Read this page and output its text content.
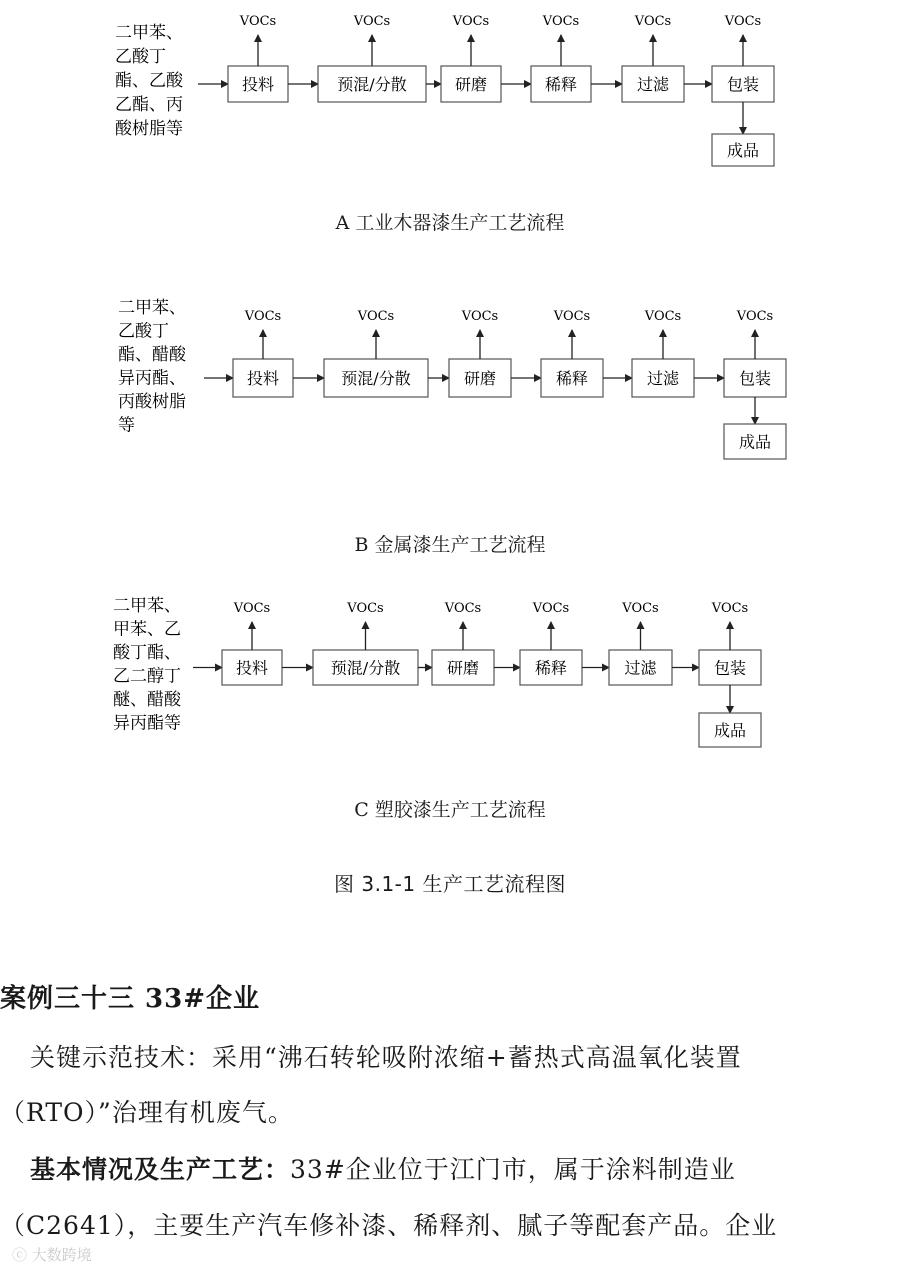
二甲苯、
乙酸丁
酯、乙酸
乙酯、丙
酸树脂等
投料
VOCs
预混/分散
VOCs
研磨
VOCs
稀释
VOCs
过滤
VOCs
包装
VOCs
成品
二甲苯、
乙酸丁
酯、醋酸
异丙酯、
丙酸树脂
等
投料
VOCs
预混/分散
VOCs
研磨
VOCs
稀释
VOCs
过滤
VOCs
包装
VOCs
成品
二甲苯、
甲苯、乙
酸丁酯、
乙二醇丁
醚、醋酸
异丙酯等
投料
VOCs
预混/分散
VOCs
研磨
VOCs
稀释
VOCs
过滤
VOCs
包装
VOCs
成品
A 工业木器漆生产工艺流程
B 金属漆生产工艺流程
C 塑胶漆生产工艺流程
图 3.1-1 生产工艺流程图
案例三十三 33#企业
关键示范技术：采用“沸石转轮吸附浓缩+蓄热式高温氧化装置
（RTO）”治理有机废气。
基本情况及生产工艺：33#企业位于江门市，属于涂料制造业
（C2641），主要生产汽车修补漆、稀释剂、腻子等配套产品。企业
ⓒ 大数跨境
